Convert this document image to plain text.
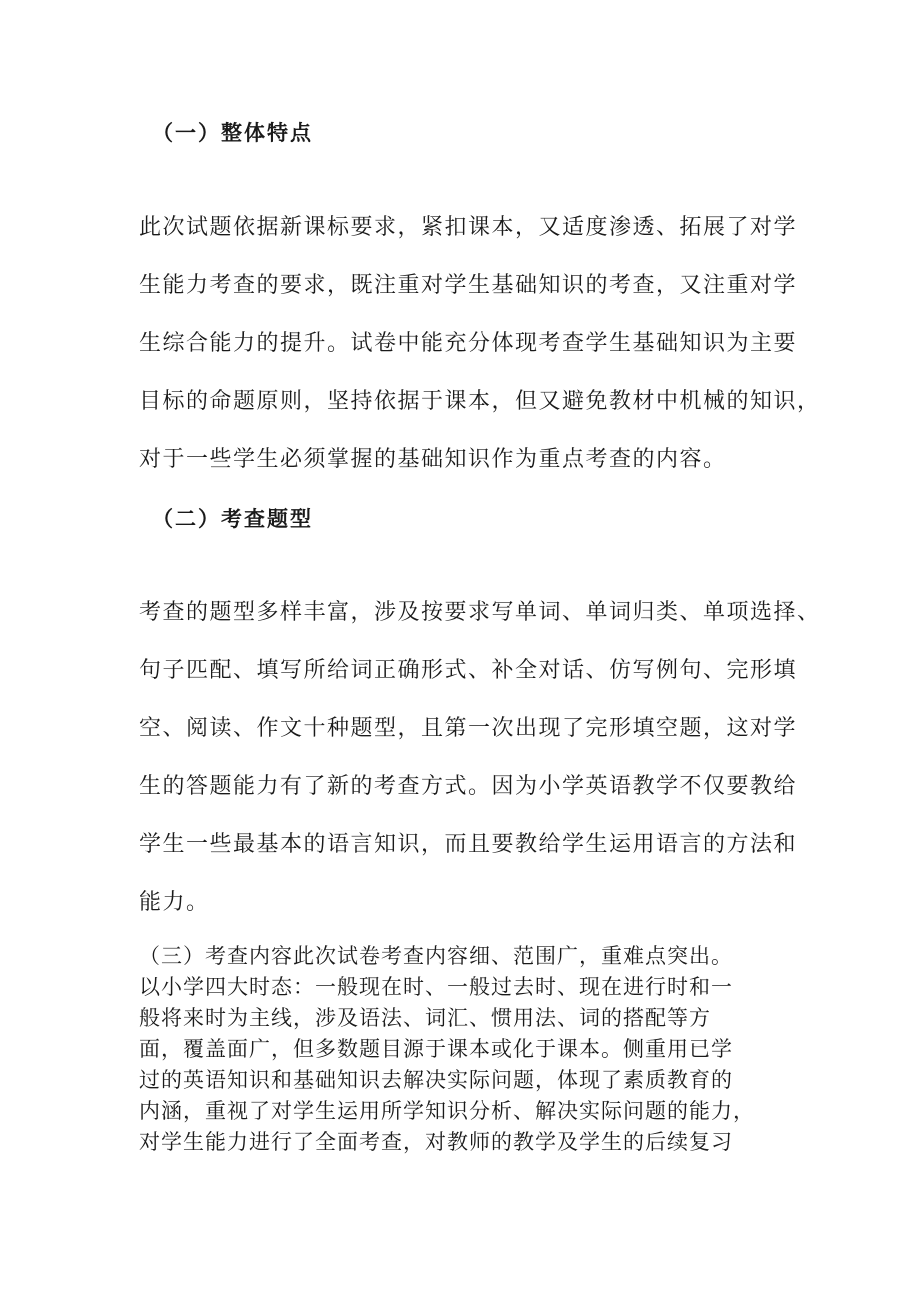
（一）整体特点
此次试题依据新课标要求，紧扣课本，又适度渗透、拓展了对学
生能力考查的要求，既注重对学生基础知识的考查，又注重对学
生综合能力的提升。试卷中能充分体现考查学生基础知识为主要
目标的命题原则，坚持依据于课本，但又避免教材中机械的知识，
对于一些学生必须掌握的基础知识作为重点考查的内容。
（二）考查题型
考查的题型多样丰富，涉及按要求写单词、单词归类、单项选择、
句子匹配、填写所给词正确形式、补全对话、仿写例句、完形填
空、阅读、作文十种题型，且第一次出现了完形填空题，这对学
生的答题能力有了新的考查方式。因为小学英语教学不仅要教给
学生一些最基本的语言知识，而且要教给学生运用语言的方法和
能力。
（三）考查内容此次试卷考查内容细、范围广，重难点突出。
以小学四大时态：一般现在时、一般过去时、现在进行时和一
般将来时为主线，涉及语法、词汇、惯用法、词的搭配等方
面，覆盖面广，但多数题目源于课本或化于课本。侧重用已学
过的英语知识和基础知识去解决实际问题，体现了素质教育的
内涵，重视了对学生运用所学知识分析、解决实际问题的能力，
对学生能力进行了全面考查，对教师的教学及学生的后续复习
